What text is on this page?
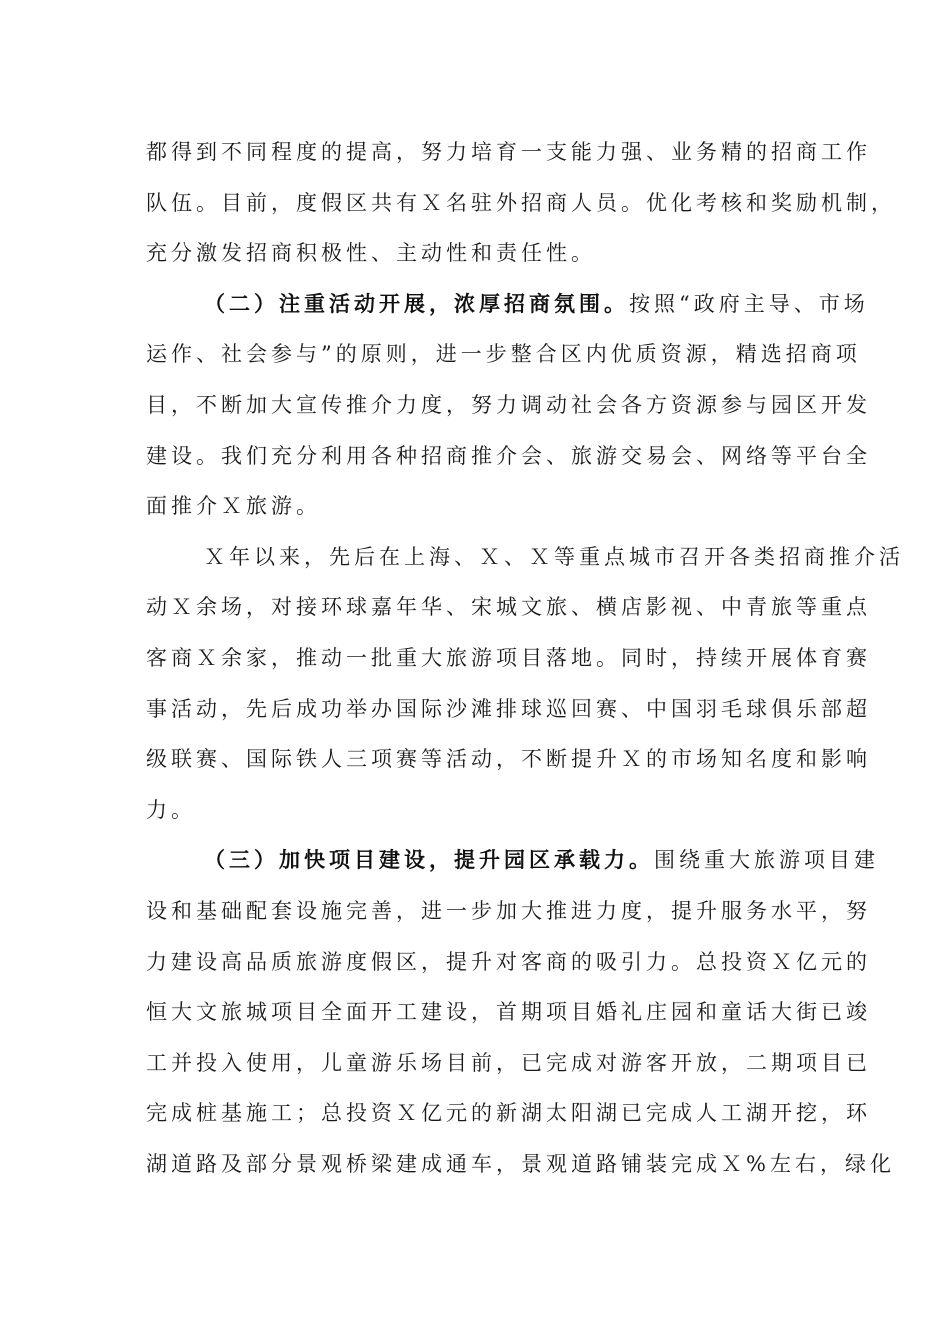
都得到不同程度的提高，努力培育一支能力强、业务精的招商工作
队伍。目前，度假区共有Ｘ名驻外招商人员。优化考核和奖励机制，
充分激发招商积极性、主动性和责任性。
（二）注重活动开展，浓厚招商氛围。按照“政府主导、市场
运作、社会参与”的原则，进一步整合区内优质资源，精选招商项
目，不断加大宣传推介力度，努力调动社会各方资源参与园区开发
建设。我们充分利用各种招商推介会、旅游交易会、网络等平台全
面推介Ｘ旅游。
Ｘ年以来，先后在上海、Ｘ、Ｘ等重点城市召开各类招商推介活
动Ｘ余场，对接环球嘉年华、宋城文旅、横店影视、中青旅等重点
客商Ｘ余家，推动一批重大旅游项目落地。同时，持续开展体育赛
事活动，先后成功举办国际沙滩排球巡回赛、中国羽毛球俱乐部超
级联赛、国际铁人三项赛等活动，不断提升Ｘ的市场知名度和影响
力。
（三）加快项目建设，提升园区承载力。围绕重大旅游项目建
设和基础配套设施完善，进一步加大推进力度，提升服务水平，努
力建设高品质旅游度假区，提升对客商的吸引力。总投资Ｘ亿元的
恒大文旅城项目全面开工建设，首期项目婚礼庄园和童话大街已竣
工并投入使用，儿童游乐场目前，已完成对游客开放，二期项目已
完成桩基施工；总投资Ｘ亿元的新湖太阳湖已完成人工湖开挖，环
湖道路及部分景观桥梁建成通车，景观道路铺装完成Ｘ%左右，绿化
